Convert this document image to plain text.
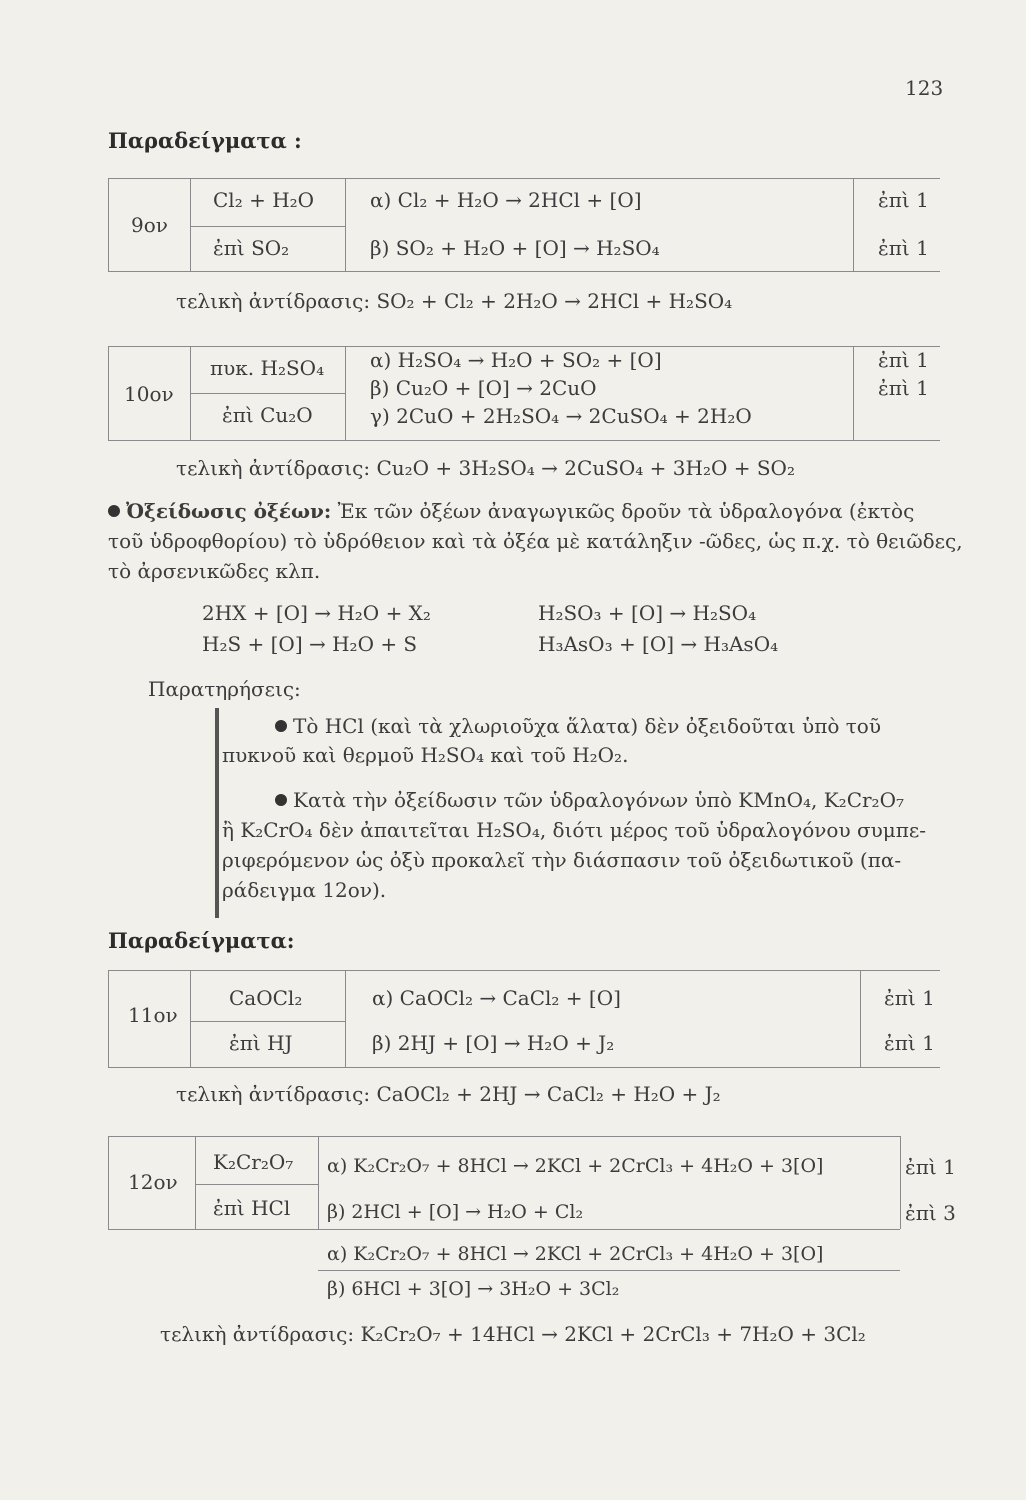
123
Παραδείγματα :
9ον
Cl₂ + H₂O
ἐπὶ SO₂
α) Cl₂ + H₂O → 2HCl + [O]
β) SO₂ + H₂O + [O] → H₂SO₄
ἐπὶ 1
ἐπὶ 1
τελικὴ ἀντίδρασις: SO₂ + Cl₂ + 2H₂O → 2HCl + H₂SO₄
10ον
πυκ. H₂SO₄
ἐπὶ Cu₂O
α) H₂SO₄ → H₂O + SO₂ + [O]
β) Cu₂O + [O] → 2CuO
γ) 2CuO + 2H₂SO₄ → 2CuSO₄ + 2H₂O
ἐπὶ 1
ἐπὶ 1
τελικὴ ἀντίδρασις: Cu₂O + 3H₂SO₄ → 2CuSO₄ + 3H₂O + SO₂
Ὀξείδωσις ὀξέων: Ἐκ τῶν ὀξέων ἀναγωγικῶς δροῦν τὰ ὑδραλογόνα (ἐκτὸς
τοῦ ὑδροφθορίου) τὸ ὑδρόθειον καὶ τὰ ὀξέα μὲ κατάληξιν -ῶδες, ὡς π.χ. τὸ θειῶδες,
τὸ ἀρσενικῶδες κλπ.
2HX + [O] → H₂O + X₂
H₂S + [O] → H₂O + S
H₂SO₃ + [O] → H₂SO₄
H₃AsO₃ + [O] → H₃AsO₄
Παρατηρήσεις:
Τὸ HCl (καὶ τὰ χλωριοῦχα ἅλατα) δὲν ὀξειδοῦται ὑπὸ τοῦ
πυκνοῦ καὶ θερμοῦ H₂SO₄ καὶ τοῦ H₂O₂.
Κατὰ τὴν ὀξείδωσιν τῶν ὑδραλογόνων ὑπὸ KMnO₄, K₂Cr₂O₇
ἢ K₂CrO₄ δὲν ἀπαιτεῖται H₂SO₄, διότι μέρος τοῦ ὑδραλογόνου συμπε-
ριφερόμενον ὡς ὀξὺ προκαλεῖ τὴν διάσπασιν τοῦ ὀξειδωτικοῦ (πα-
ράδειγμα 12ον).
Παραδείγματα:
11ον
CaOCl₂
ἐπὶ HJ
α) CaOCl₂ → CaCl₂ + [O]
β) 2HJ + [O] → H₂O + J₂
ἐπὶ 1
ἐπὶ 1
τελικὴ ἀντίδρασις: CaOCl₂ + 2HJ → CaCl₂ + H₂O + J₂
12ον
K₂Cr₂O₇
ἐπὶ HCl
α) K₂Cr₂O₇ + 8HCl → 2KCl + 2CrCl₃ + 4H₂O + 3[O]
β) 2HCl + [O] → H₂O + Cl₂
ἐπὶ 1
ἐπὶ 3
α) K₂Cr₂O₇ + 8HCl → 2KCl + 2CrCl₃ + 4H₂O + 3[O]
β) 6HCl + 3[O] → 3H₂O + 3Cl₂
τελικὴ ἀντίδρασις: K₂Cr₂O₇ + 14HCl → 2KCl + 2CrCl₃ + 7H₂O + 3Cl₂
